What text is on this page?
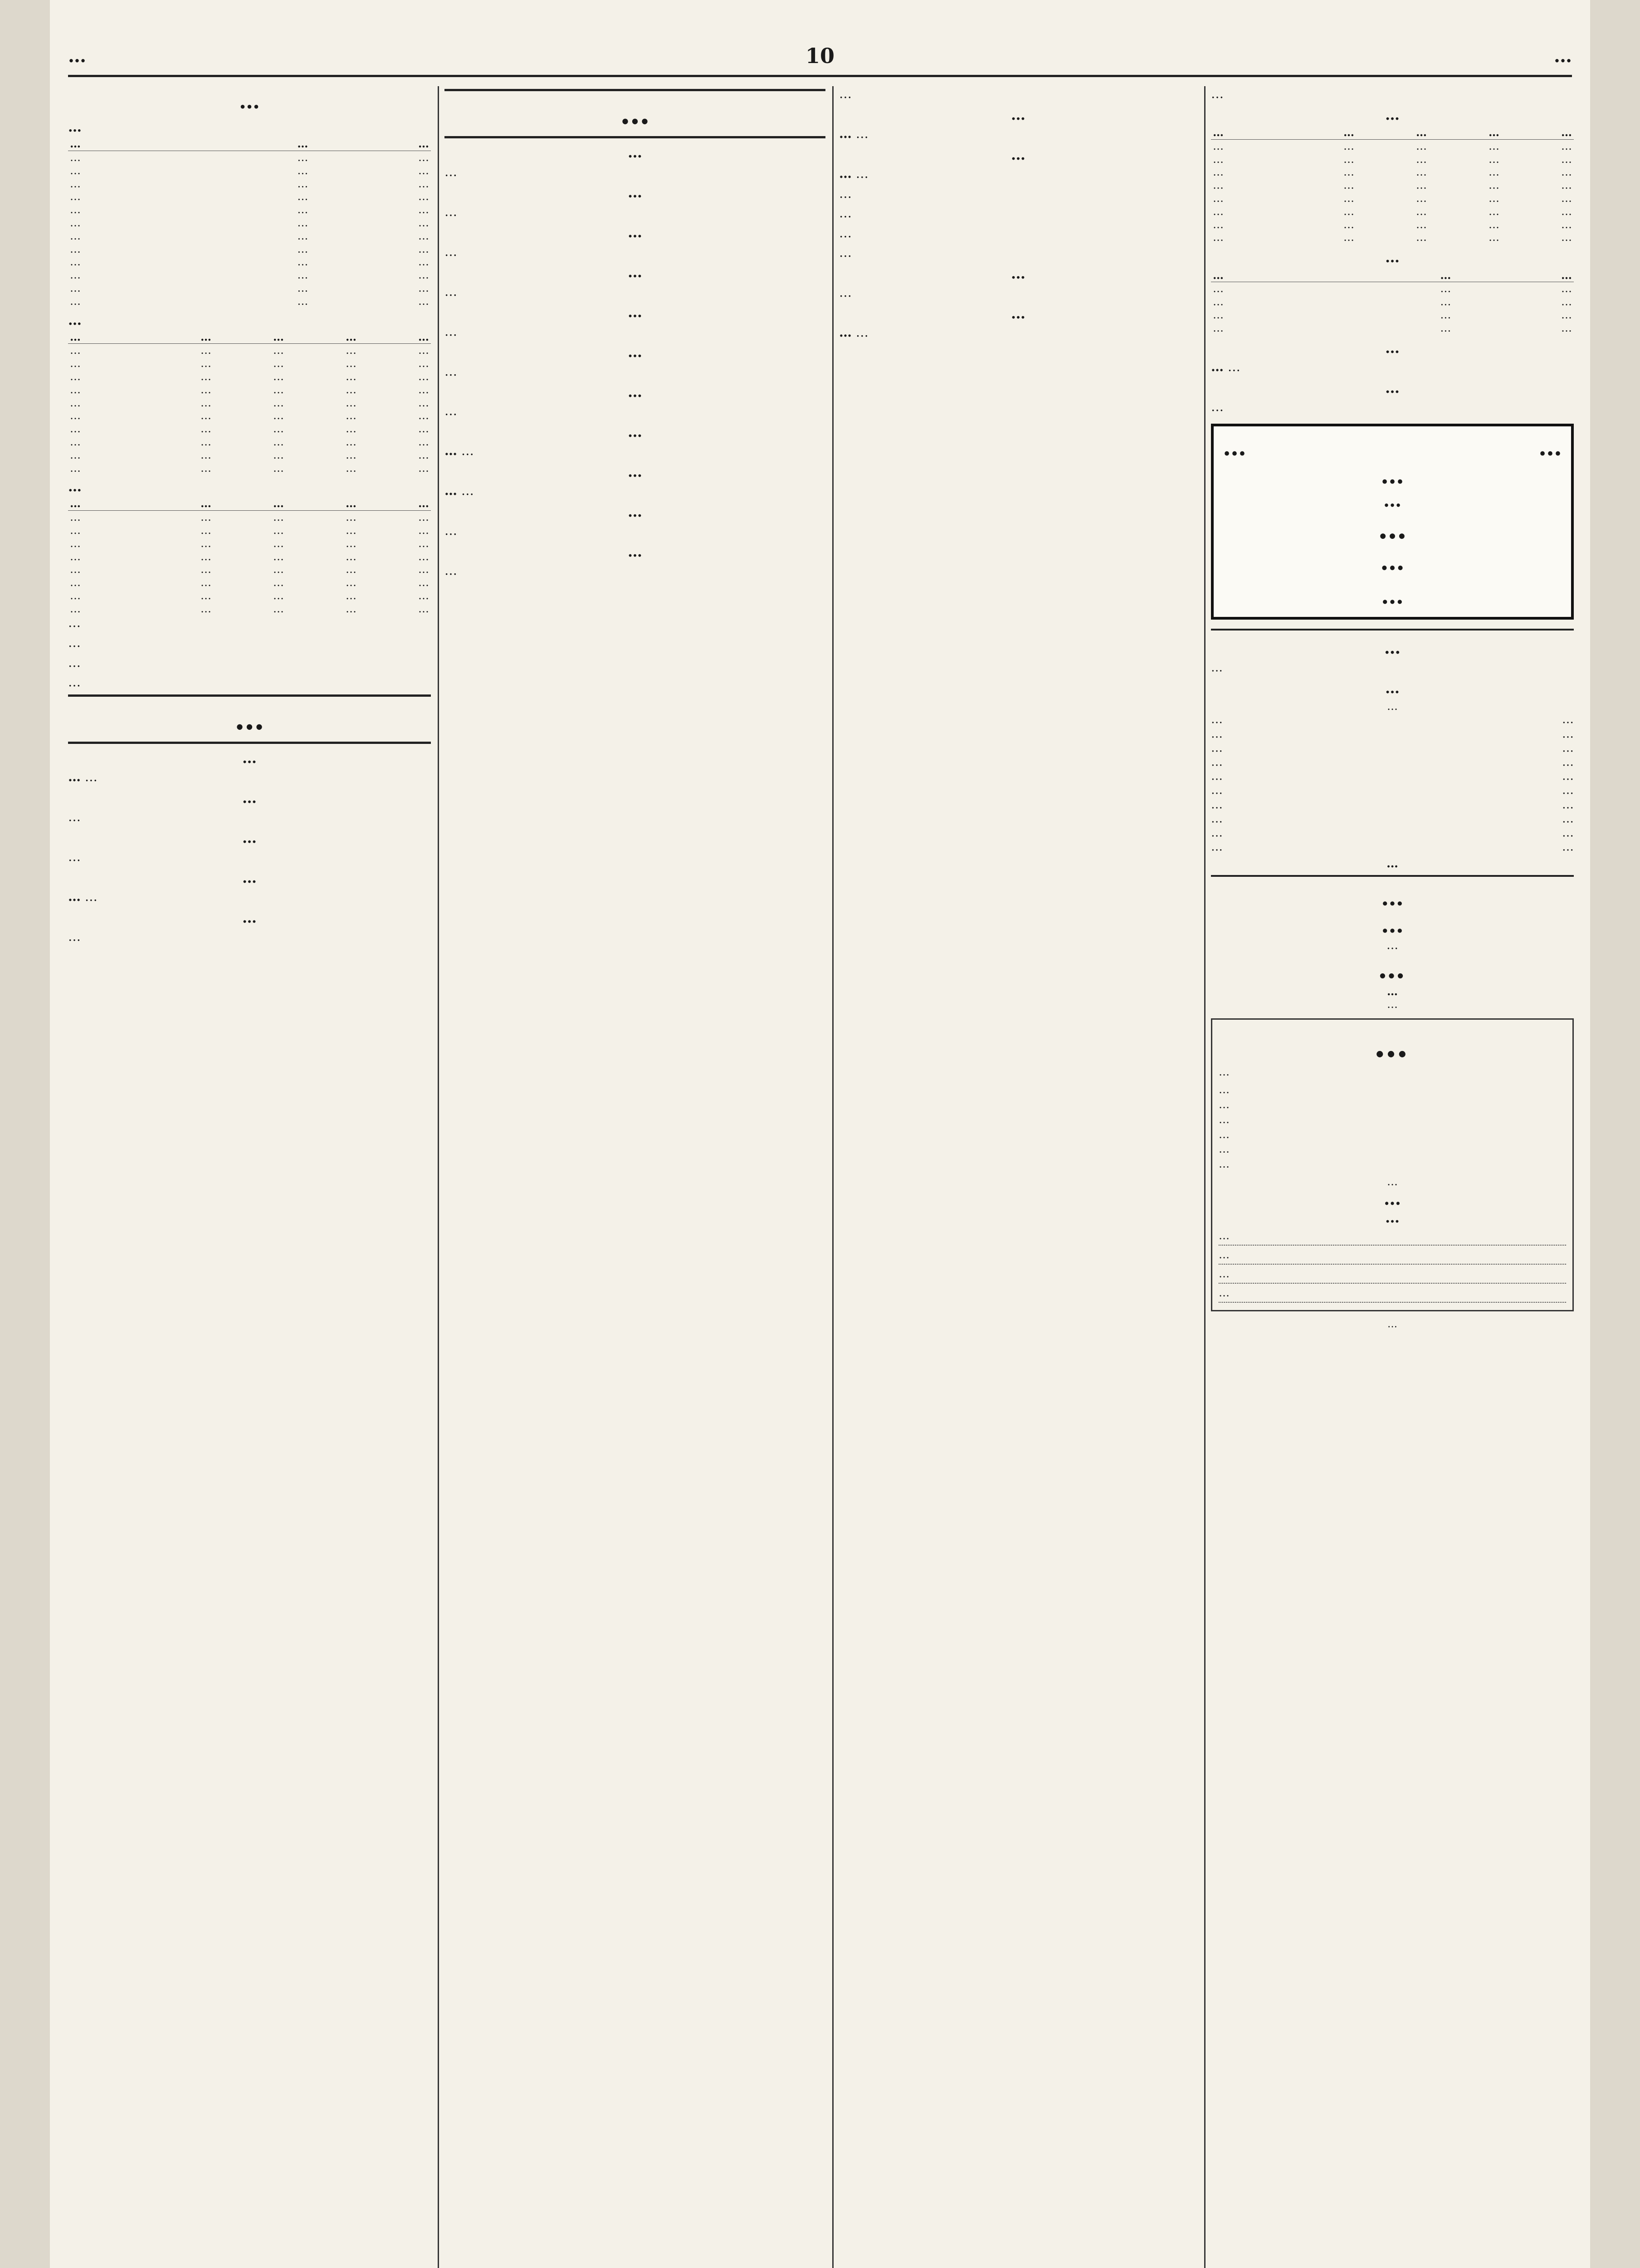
…	10	…
…
…
…	…	…
…	…	…
…	…	…
…	…	…
…	…	…
…	…	…
…	…	…
…	…	…
…	…	…
…	…	…
…	…	…
…	…	…
…	…	…
…
…	…	…	…	…
…	…	…	…	…
…	…	…	…	…
…	…	…	…	…
…	…	…	…	…
…	…	…	…	…
…	…	…	…	…
…	…	…	…	…
…	…	…	…	…
…	…	…	…	…
…	…	…	…	…
…
…	…	…	…	…
…	…	…	…	…
…	…	…	…	…
…	…	…	…	…
…	…	…	…	…
…	…	…	…	…
…	…	…	…	…
…	…	…	…	…
…	…	…	…	…

…

…

…

…

…
…

… …

…

…

…

…

…

… …

…

…

…
…

…

…

…

…

…

…

…

…

…

…

…

…

…

…

… …

…

… …

…

…

…

…

…

…

… …

…

… …

…

…

…

…

…

…

…

… …

…

…
…	…	…	…	…
…	…	…	…	…
…	…	…	…	…
…	…	…	…	…
…	…	…	…	…
…	…	…	…	…
…	…	…	…	…
…	…	…	…	…
…	…	…	…	…
…
…	…	…
…	…	…
…	…	…
…	…	…
…	…	…
…

… …

…

…

…	…
…
…
…
…
…
…
…
…
…
…	…
…	…
…	…
…	…
…	…
…	…
…	…
…	…
…	…
…	…
…
…
…
…
…
…
…
…

…

…
…
…
…
…

…

…
…
…
…
…
…
…
…
